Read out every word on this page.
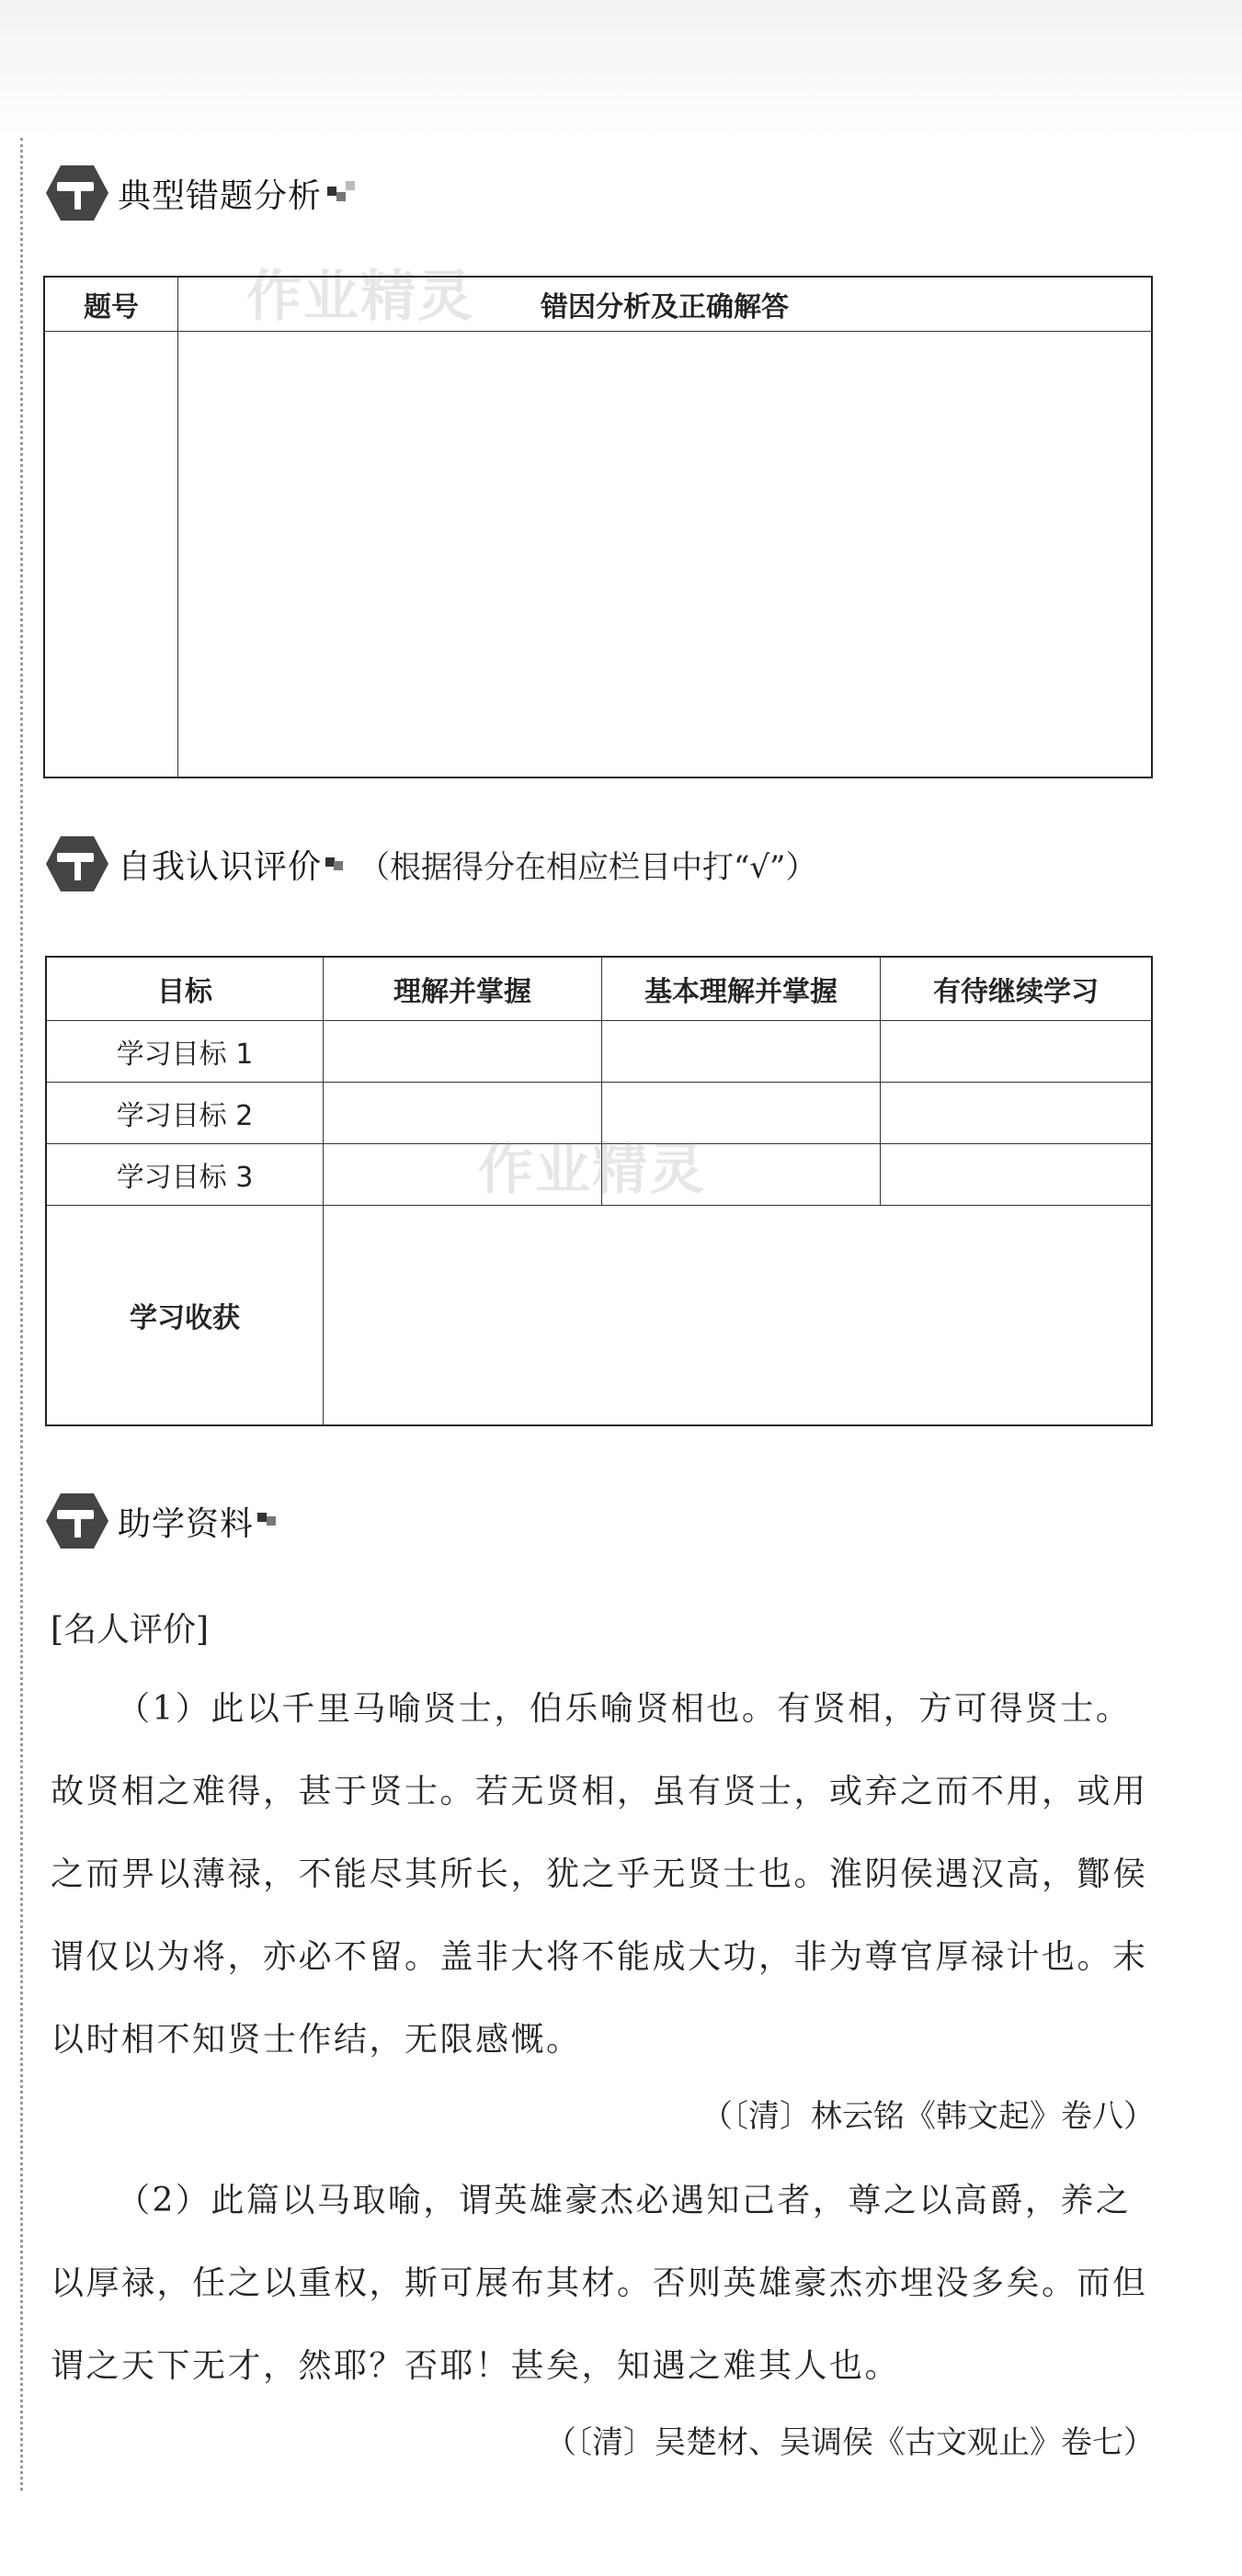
典型错题分析
作业精灵
题号	错因分析及正确解答

自我认识评价 （根据得分在相应栏目中打“√”）
目标	理解并掌握	基本理解并掌握	有待继续学习
学习目标 1			
学习目标 2			
学习目标 3			
学习收获			
作业精灵
助学资料
[名人评价]

（1）此以千里马喻贤士，伯乐喻贤相也。有贤相，方可得贤士。故贤相之难得，甚于贤士。若无贤相，虽有贤士，或弃之而不用，或用之而畀以薄禄，不能尽其所长，犹之乎无贤士也。淮阴侯遇汉高，酇侯谓仅以为将，亦必不留。盖非大将不能成大功，非为尊官厚禄计也。末以时相不知贤士作结，无限感慨。

（〔清〕林云铭《韩文起》卷八）

（2）此篇以马取喻，谓英雄豪杰必遇知己者，尊之以高爵，养之以厚禄，任之以重权，斯可展布其材。否则英雄豪杰亦埋没多矣。而但谓之天下无才，然耶？否耶！甚矣，知遇之难其人也。

（〔清〕吴楚材、吴调侯《古文观止》卷七）
